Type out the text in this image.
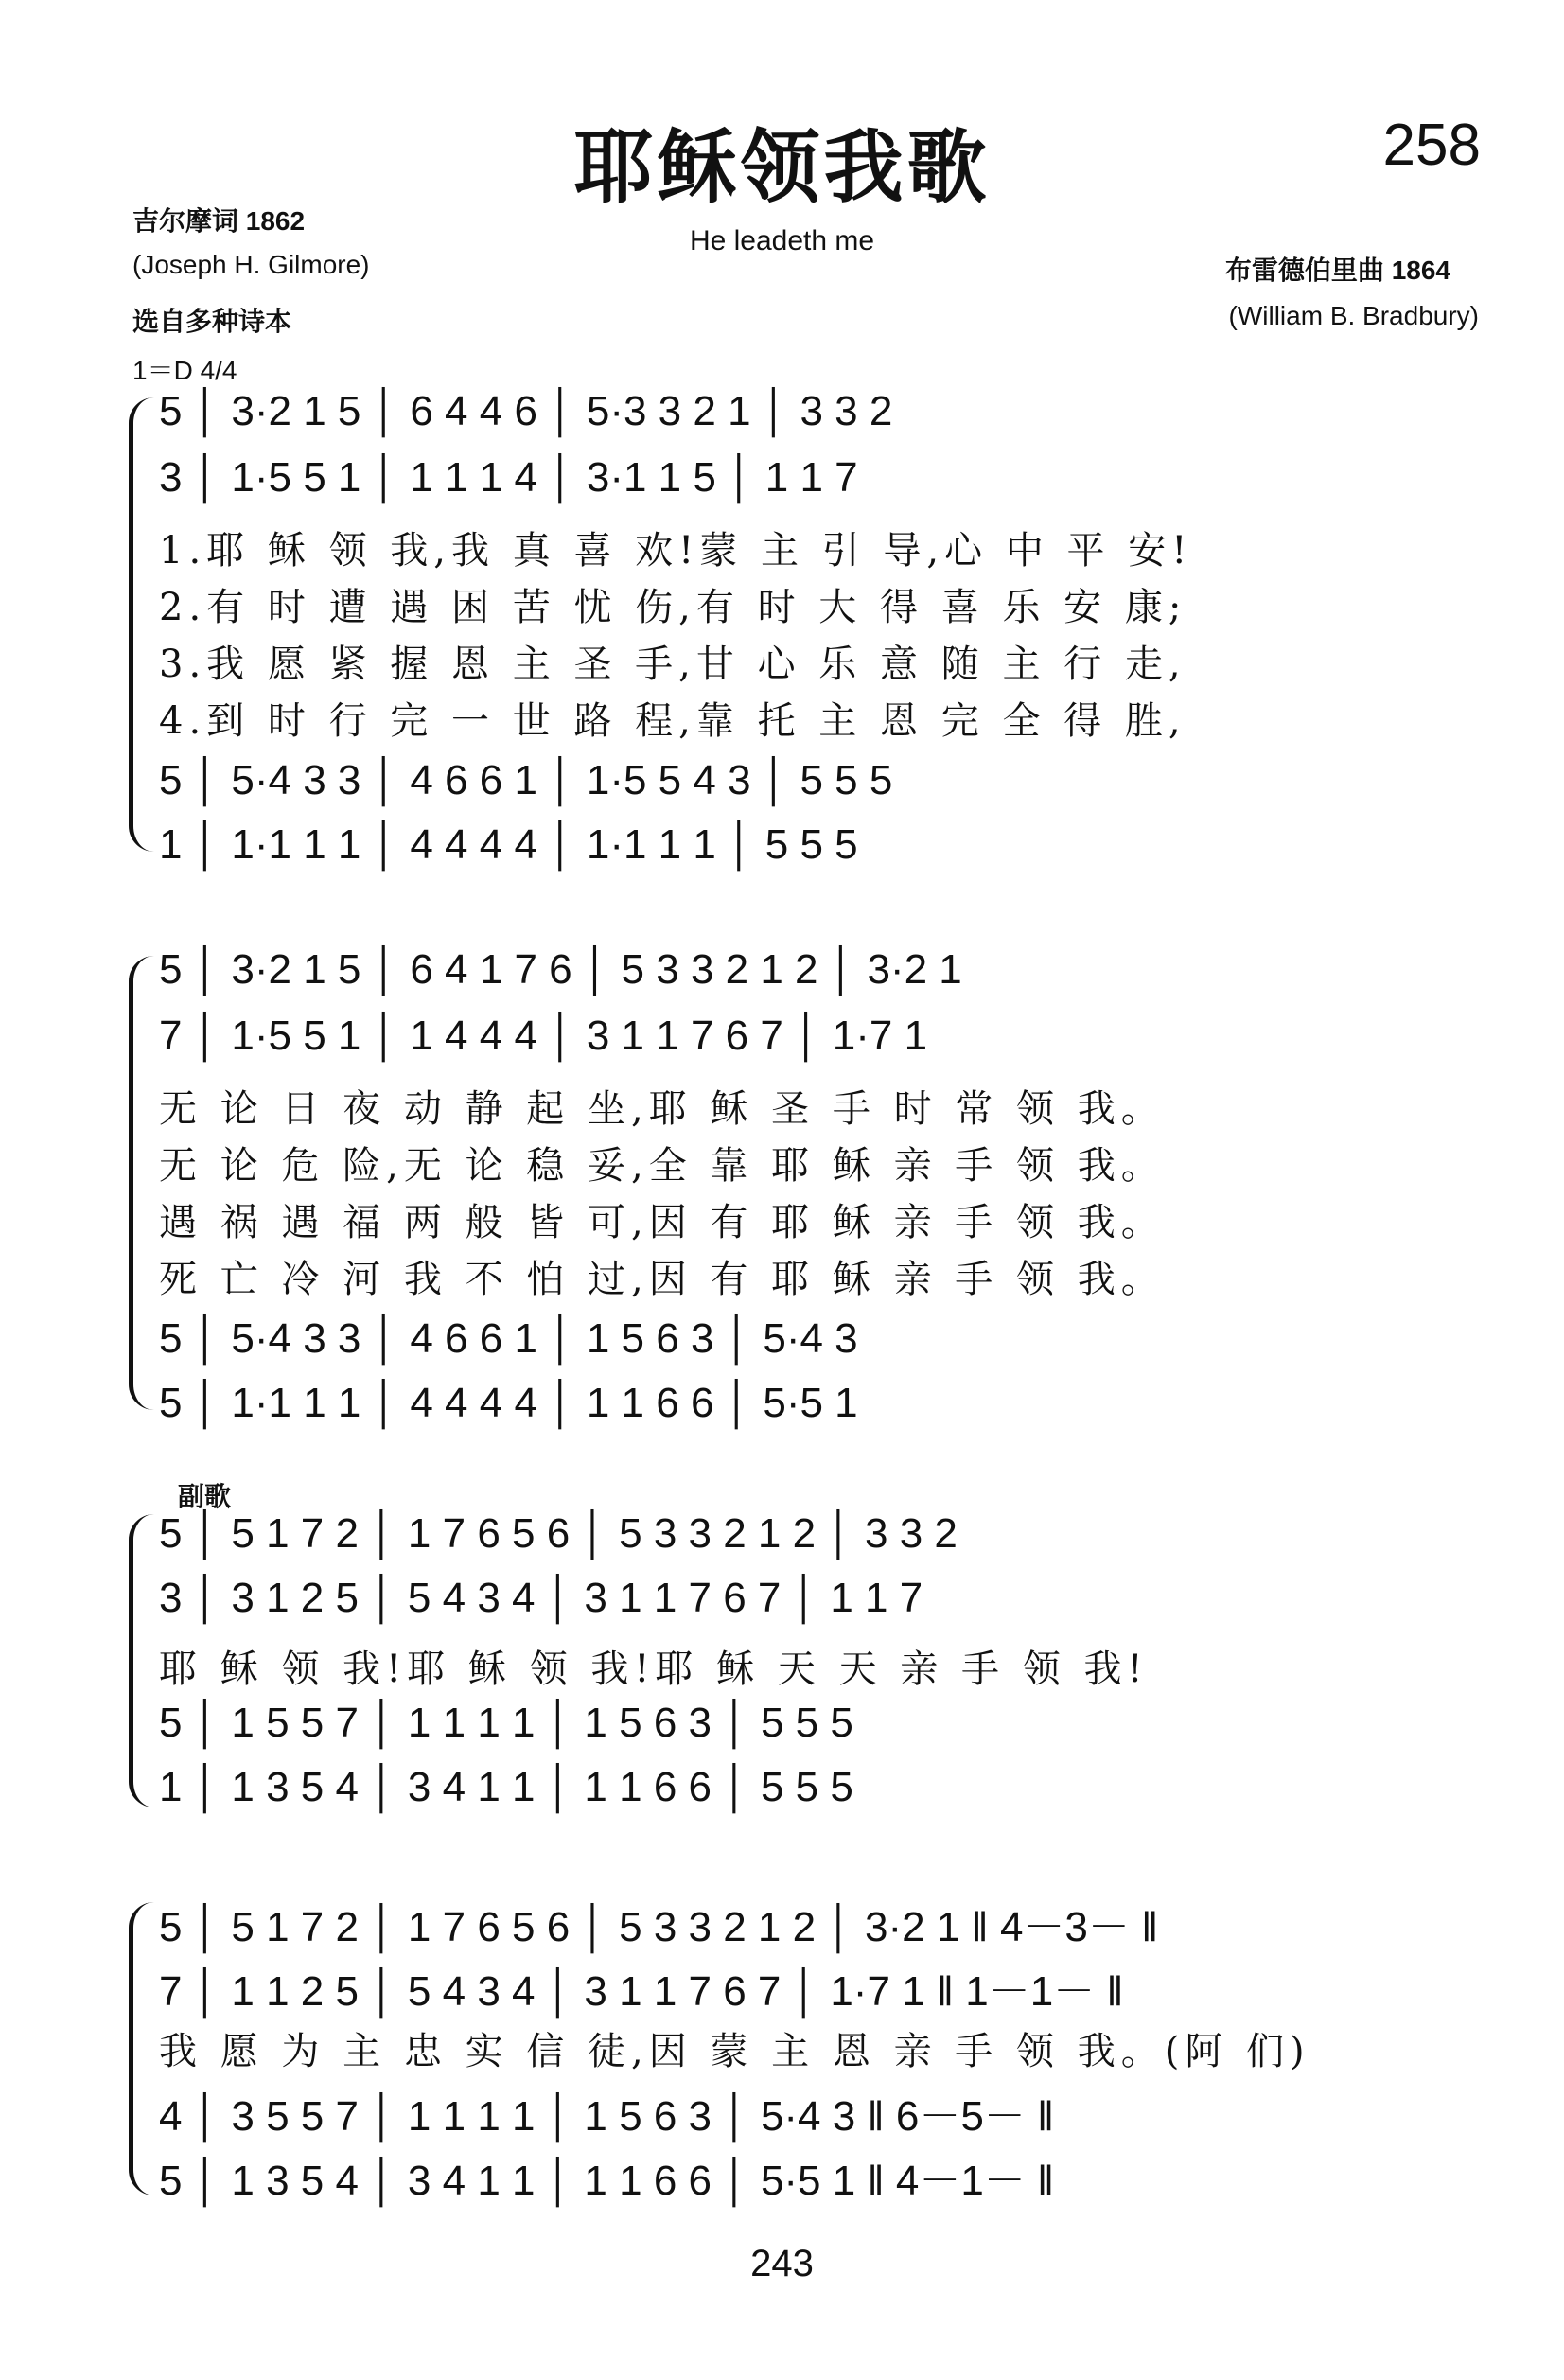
耶稣领我歌	258
吉尔摩词 1862
He leadeth me
(Joseph H. Gilmore)	布雷德伯里曲 1864
选自多种诗本	(William B. Bradbury)
1＝D 4/4
5 │ 3·2 1 5 │ 6 4 4 6 │ 5·3 3 2 1 │ 3 3 2
3 │ 1·5 5 1 │ 1 1 1 4 │ 3·1 1 5 │ 1 1 7
1.耶 稣 领 我,我 真 喜 欢!蒙 主 引 导,心 中 平 安!
2.有 时 遭 遇 困 苦 忧 伤,有 时 大 得 喜 乐 安 康;
3.我 愿 紧 握 恩 主 圣 手,甘 心 乐 意 随 主 行 走,
4.到 时 行 完 一 世 路 程,靠 托 主 恩 完 全 得 胜,
5 │ 5·4 3 3 │ 4 6 6 1 │ 1·5 5 4 3 │ 5 5 5
1 │ 1·1 1 1 │ 4 4 4 4 │ 1·1 1 1 │ 5 5 5
5 │ 3·2 1 5 │ 6 4 1 7 6 │ 5 3 3 2 1 2 │ 3·2 1
7 │ 1·5 5 1 │ 1 4 4 4 │ 3 1 1 7 6 7 │ 1·7 1
无 论 日 夜 动 静 起 坐,耶 稣 圣 手 时 常 领 我。
无 论 危 险,无 论 稳 妥,全 靠 耶 稣 亲 手 领 我。
遇 祸 遇 福 两 般 皆 可,因 有 耶 稣 亲 手 领 我。
死 亡 冷 河 我 不 怕 过,因 有 耶 稣 亲 手 领 我。
5 │ 5·4 3 3 │ 4 6 6 1 │ 1 5 6 3 │ 5·4 3
5 │ 1·1 1 1 │ 4 4 4 4 │ 1 1 6 6 │ 5·5 1
副歌
5 │ 5 1 7 2 │ 1 7 6 5 6 │ 5 3 3 2 1 2 │ 3 3 2
3 │ 3 1 2 5 │ 5 4 3 4 │ 3 1 1 7 6 7 │ 1 1 7
耶 稣 领 我!耶 稣 领 我!耶 稣 天 天 亲 手 领 我!
5 │ 1 5 5 7 │ 1 1 1 1 │ 1 5 6 3 │ 5 5 5
1 │ 1 3 5 4 │ 3 4 1 1 │ 1 1 6 6 │ 5 5 5
5 │ 5 1 7 2 │ 1 7 6 5 6 │ 5 3 3 2 1 2 │ 3·2 1 ‖ 4－3－ ‖
7 │ 1 1 2 5 │ 5 4 3 4 │ 3 1 1 7 6 7 │ 1·7 1 ‖ 1－1－ ‖
我 愿 为 主 忠 实 信 徒,因 蒙 主 恩 亲 手 领 我。(阿 们)
4 │ 3 5 5 7 │ 1 1 1 1 │ 1 5 6 3 │ 5·4 3 ‖ 6－5－ ‖
5 │ 1 3 5 4 │ 3 4 1 1 │ 1 1 6 6 │ 5·5 1 ‖ 4－1－ ‖
243
